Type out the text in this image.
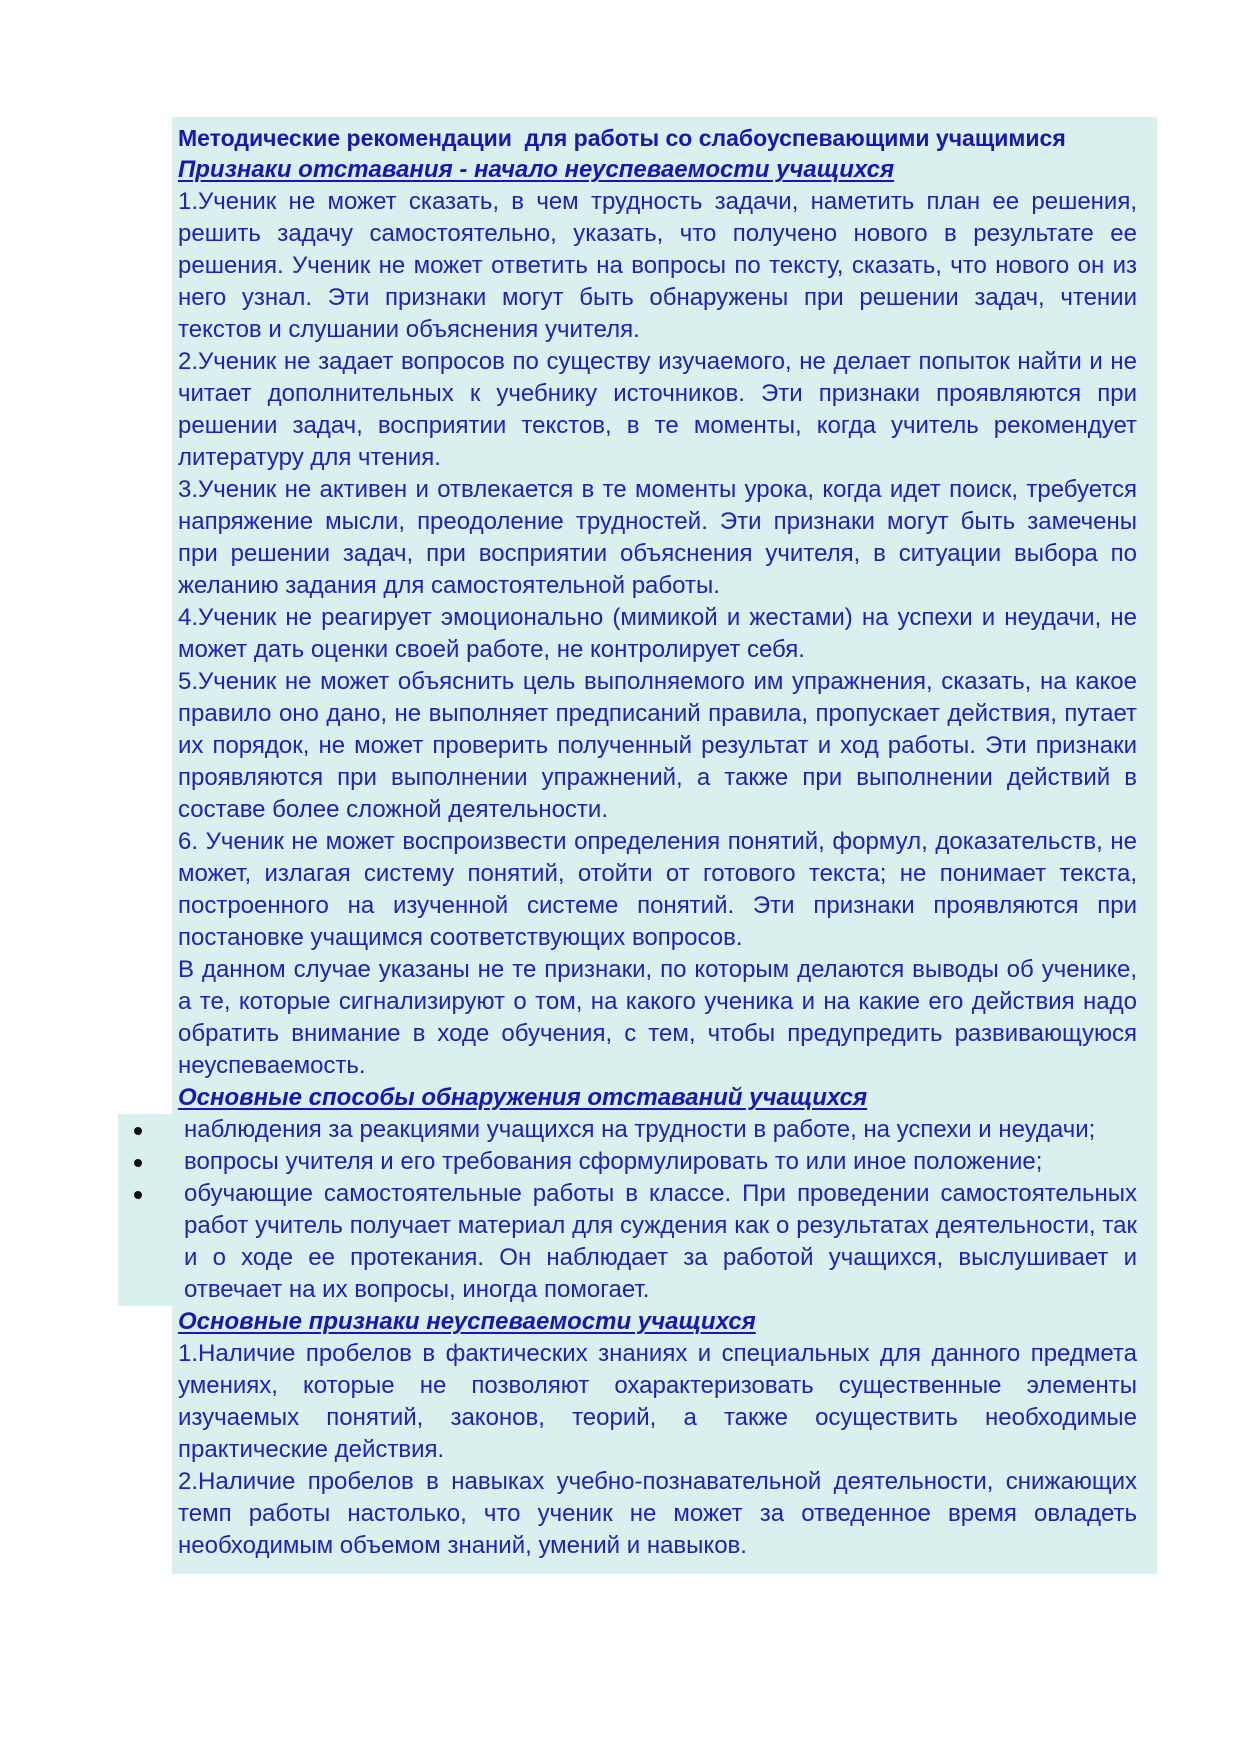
Методические рекомендации  для работы со слабоуспевающими учащимися

Признаки отставания - начало неуспеваемости учащихся

1.Ученик не может сказать, в чем трудность задачи, наметить план ее решения, решить задачу самостоятельно, указать, что получено нового в результате ее решения. Ученик не может ответить на вопросы по тексту, сказать, что нового он из него узнал. Эти признаки могут быть обнаружены при решении задач, чтении текстов и слушании объяснения учителя.

2.Ученик не задает вопросов по существу изучаемого, не делает попыток найти и не читает дополнительных к учебнику источников. Эти признаки проявляются при решении задач, восприятии текстов, в те моменты, когда учитель рекомендует литературу для чтения.

3.Ученик не активен и отвлекается в те моменты урока, когда идет поиск, требуется напряжение мысли, преодоление трудностей. Эти признаки могут быть замечены при решении задач, при восприятии объяснения учителя, в ситуации выбора по желанию задания для самостоятельной работы.

4.Ученик не реагирует эмоционально (мимикой и жестами) на успехи и неудачи, не может дать оценки своей работе, не контролирует себя.

5.Ученик не может объяснить цель выполняемого им упражнения, сказать, на какое правило оно дано, не выполняет предписаний правила, пропускает действия, путает их порядок, не может проверить полученный результат и ход работы. Эти признаки проявляются при выполнении упражнений, а также при выполнении действий в составе более сложной деятельности.

6. Ученик не может воспроизвести определения понятий, формул, доказательств, не может, излагая систему понятий, отойти от готового текста; не понимает текста, построенного на изученной системе понятий. Эти признаки проявляются при постановке учащимся соответствующих вопросов.

В данном случае указаны не те признаки, по которым делаются выводы об ученике, а те, которые сигнализируют о том, на какого ученика и на какие его действия надо обратить внимание в ходе обучения, с тем, чтобы предупредить развивающуюся неуспеваемость.

Основные способы обнаружения отставаний учащихся
наблюдения за реакциями учащихся на трудности в работе, на успехи и неудачи;
вопросы учителя и его требования сформулировать то или иное положение;
обучающие самостоятельные работы в классе. При проведении самостоятельных работ учитель получает материал для суждения как о результатах деятельности, так и о ходе ее протекания. Он наблюдает за работой учащихся, выслушивает и отвечает на их вопросы, иногда помогает.
Основные признаки неуспеваемости учащихся

1.Наличие пробелов в фактических знаниях и специальных для данного предмета умениях, которые не позволяют охарактеризовать существенные элементы изучаемых понятий, законов, теорий, а также осуществить необходимые практические действия.

2.Наличие пробелов в навыках учебно-познавательной деятельности, снижающих темп работы настолько, что ученик не может за отведенное время овладеть необходимым объемом знаний, умений и навыков.
